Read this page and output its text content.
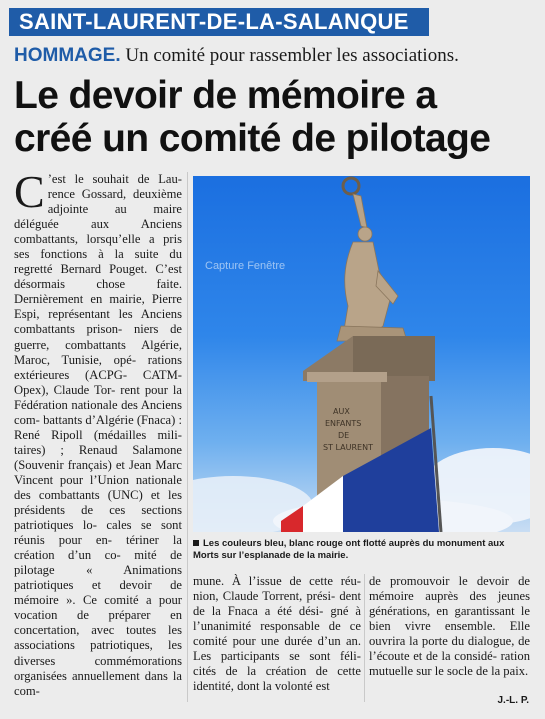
SAINT-LAURENT-DE-LA-SALANQUE
HOMMAGE. Un comité pour rassembler les associations.
Le devoir de mémoire a
créé un comité de pilotage
C ’est le souhait de Lau- rence Gossard, deuxième adjointe au maire déléguée aux Anciens combattants, lorsqu’elle a pris ses fonctions à la suite du regretté Bernard Pouget. C’est désormais chose faite. Dernièrement en mairie, Pierre Espi, représentant les Anciens combattants prison- niers de guerre, combattants Algérie, Maroc, Tunisie, opé- rations extérieures (ACPG- CATM-Opex), Claude Tor- rent pour la Fédération nationale des Anciens com- battants d’Algérie (Fnaca) : René Ripoll (médailles mili- taires) ; Renaud Salamone (Souvenir français) et Jean Marc Vincent pour l’Union nationale des combattants (UNC) et les présidents de ces sections patriotiques lo- cales se sont réunis pour en- tériner la création d’un co- mité de pilotage	« Animations patriotiques et devoir de mémoire ». Ce comité a pour vocation de préparer en concertation, avec toutes les associations patriotiques, les diverses	commémorations organisées annuellement dans la com-

AUX
ENFANTS
DE
ST LAURENT
Capture Fenêtre
Les couleurs bleu, blanc rouge ont flotté auprès du monument aux Morts sur l’esplanade de la mairie.

mune. À l’issue de cette réu- nion, Claude Torrent, prési- dent de la Fnaca a été dési- gné à l’unanimité responsable de ce comité pour une durée d’un an. Les participants se sont féli- cités de la création de cette identité, dont la volonté est

de promouvoir le devoir de mémoire auprès des jeunes générations, en garantissant le bien vivre ensemble. Elle ouvrira la porte du dialogue, de l’écoute et de la considé- ration mutuelle sur le socle de la paix.

J.-L. P.
